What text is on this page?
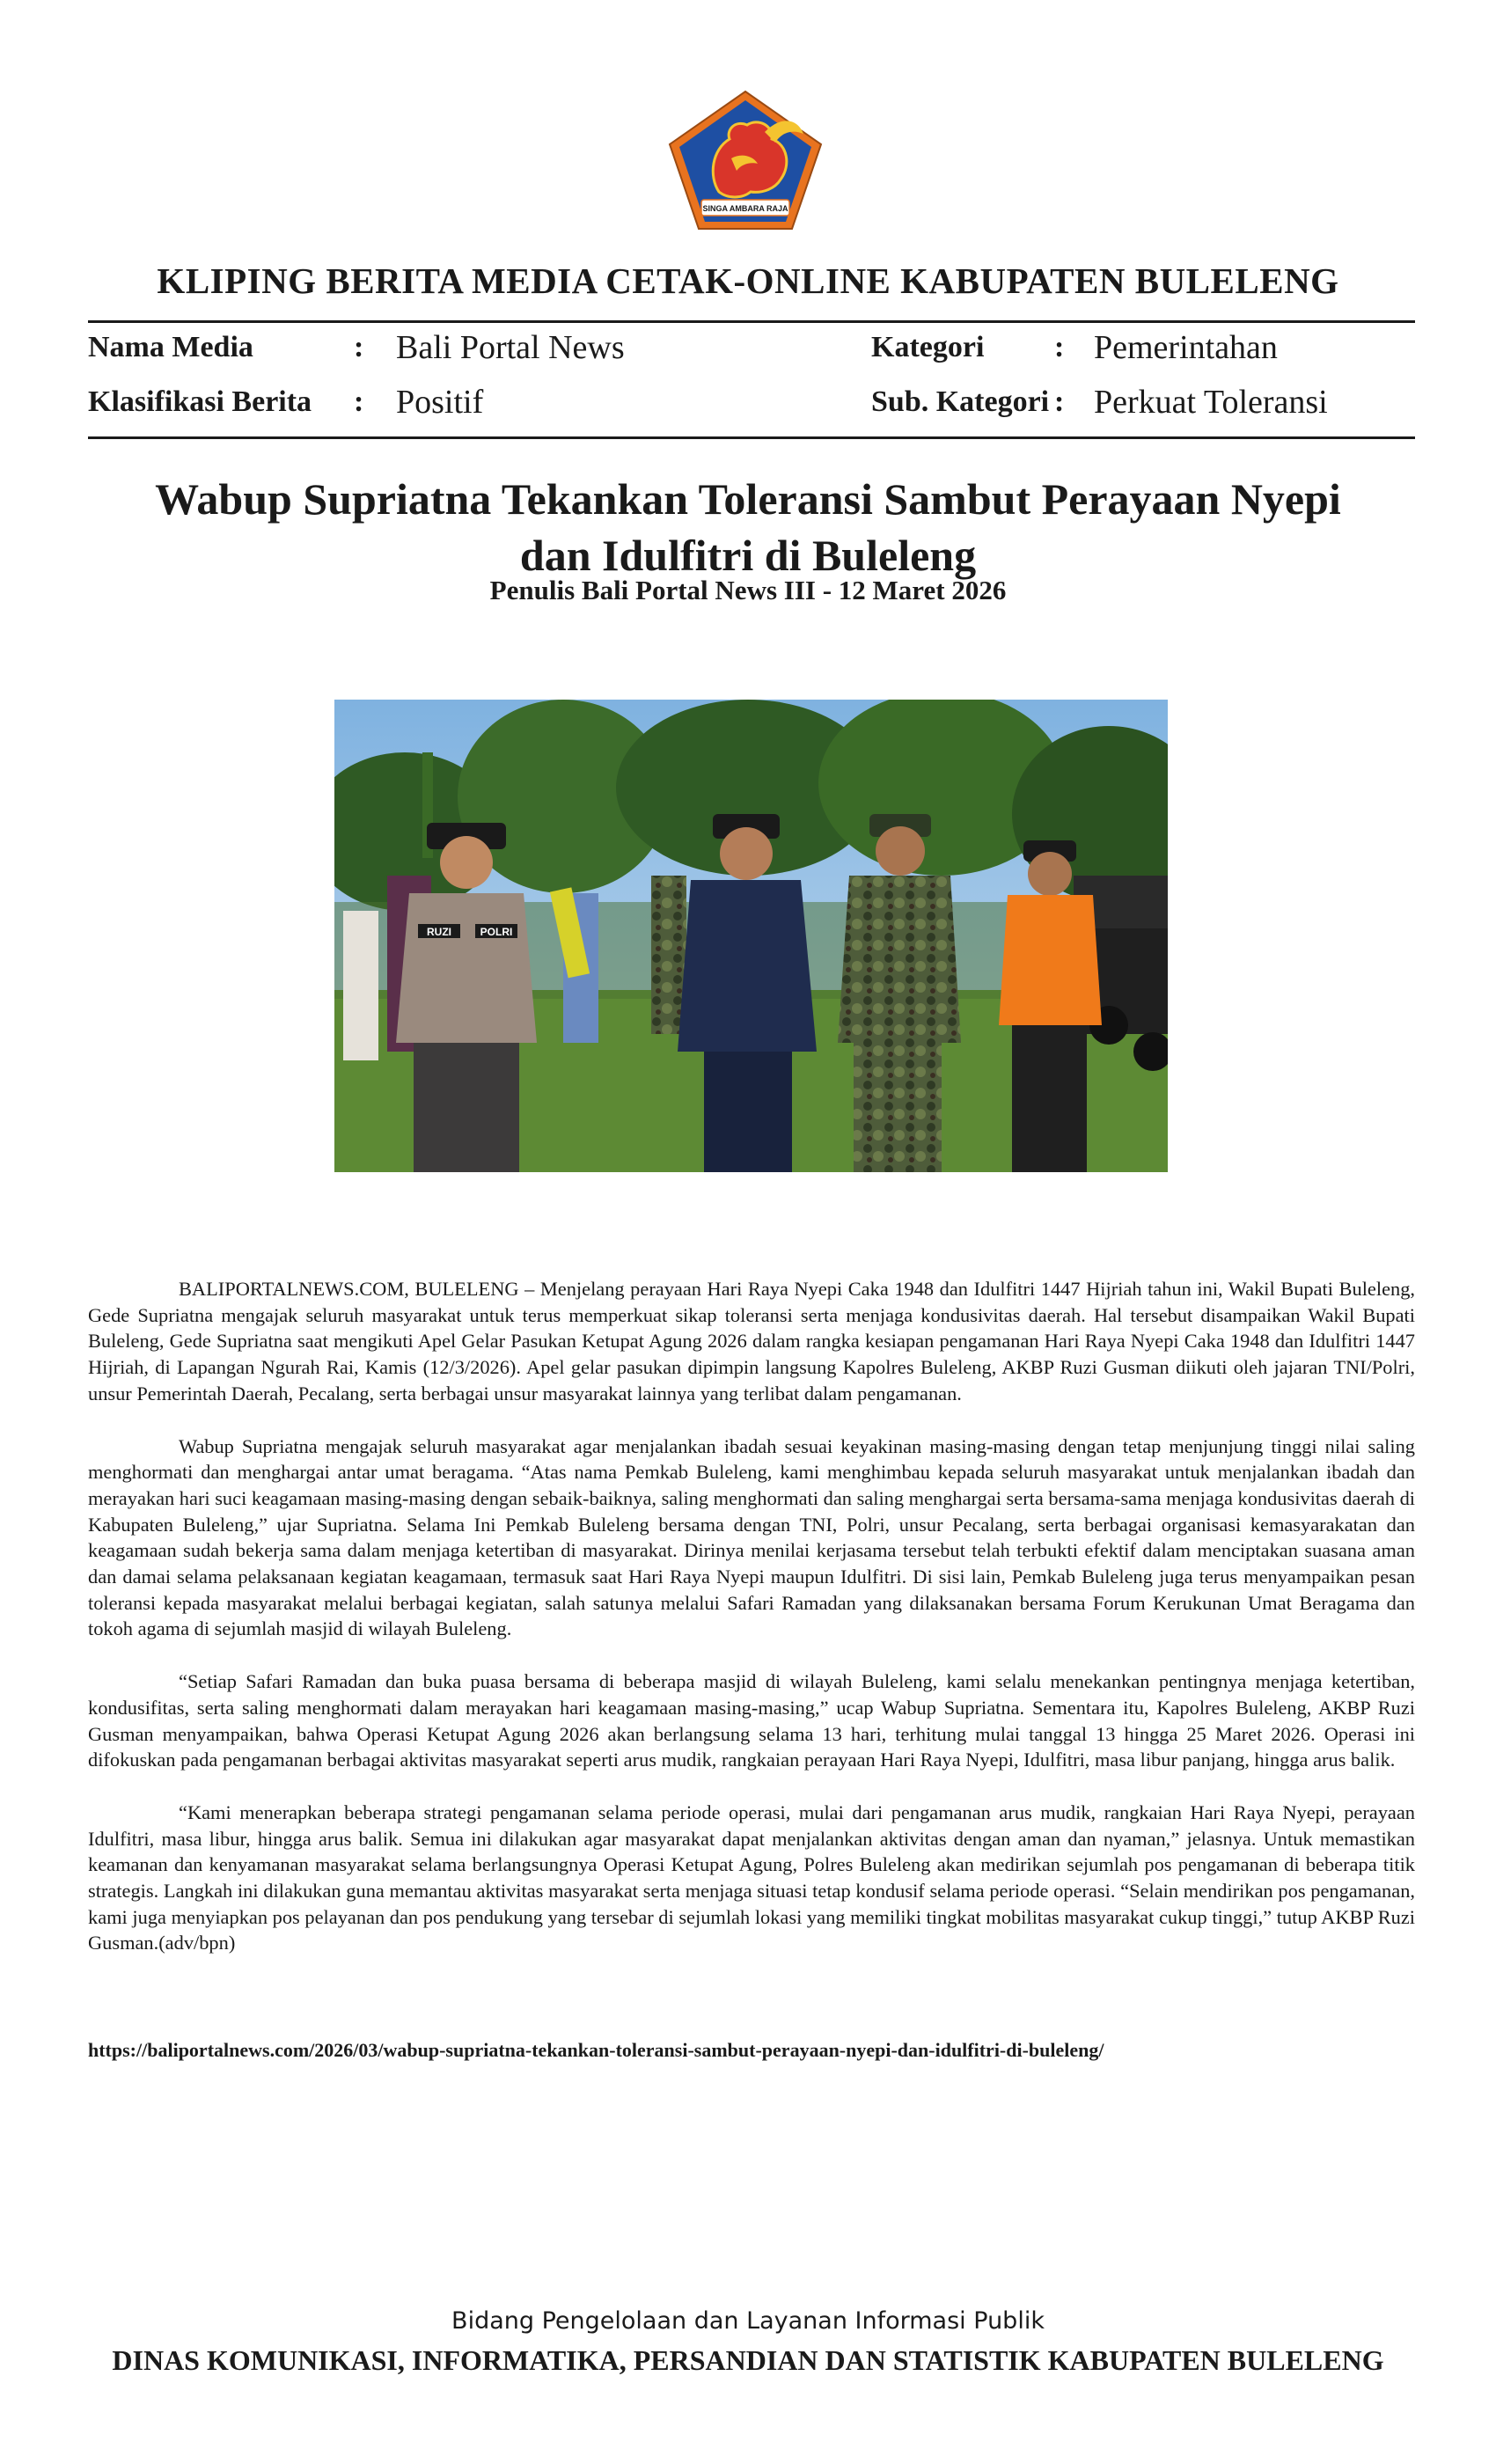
SINGA AMBARA RAJA
KLIPING BERITA MEDIA CETAK-ONLINE KABUPATEN BULELENG
Nama Media	: Bali Portal News	Kategori : Pemerintahan
Klasifikasi Berita : Positif	Sub. Kategori : Perkuat Toleransi
Wabup Supriatna Tekankan Toleransi Sambut Perayaan Nyepi dan Idulfitri di Buleleng
Penulis Bali Portal News III - 12 Maret 2026
RUZI	POLRI

BALIPORTALNEWS.COM, BULELENG – Menjelang perayaan Hari Raya Nyepi Caka 1948 dan Idulfitri 1447 Hijriah tahun ini, Wakil Bupati Buleleng, Gede Supriatna mengajak seluruh masyarakat untuk terus memperkuat sikap toleransi serta menjaga kondusivitas daerah. Hal tersebut disampaikan Wakil Bupati Buleleng, Gede Supriatna saat mengikuti Apel Gelar Pasukan Ketupat Agung 2026 dalam rangka kesiapan pengamanan Hari Raya Nyepi Caka 1948 dan Idulfitri 1447 Hijriah, di Lapangan Ngurah Rai, Kamis (12/3/2026). Apel gelar pasukan dipimpin langsung Kapolres Buleleng, AKBP Ruzi Gusman diikuti oleh jajaran TNI/Polri, unsur Pemerintah Daerah, Pecalang, serta berbagai unsur masyarakat lainnya yang terlibat dalam pengamanan.

Wabup Supriatna mengajak seluruh masyarakat agar menjalankan ibadah sesuai keyakinan masing-masing dengan tetap menjunjung tinggi nilai saling menghormati dan menghargai antar umat beragama. “Atas nama Pemkab Buleleng, kami menghimbau kepada seluruh masyarakat untuk menjalankan ibadah dan merayakan hari suci keagamaan masing-masing dengan sebaik-baiknya, saling menghormati dan saling menghargai serta bersama-sama menjaga kondusivitas daerah di Kabupaten Buleleng,” ujar Supriatna. Selama Ini Pemkab Buleleng bersama dengan TNI, Polri, unsur Pecalang, serta berbagai organisasi kemasyarakatan dan keagamaan sudah bekerja sama dalam menjaga ketertiban di masyarakat. Dirinya menilai kerjasama tersebut telah terbukti efektif dalam menciptakan suasana aman dan damai selama pelaksanaan kegiatan keagamaan, termasuk saat Hari Raya Nyepi maupun Idulfitri. Di sisi lain, Pemkab Buleleng juga terus menyampaikan pesan toleransi kepada masyarakat melalui berbagai kegiatan, salah satunya melalui Safari Ramadan yang dilaksanakan bersama Forum Kerukunan Umat Beragama dan tokoh agama di sejumlah masjid di wilayah Buleleng.

“Setiap Safari Ramadan dan buka puasa bersama di beberapa masjid di wilayah Buleleng, kami selalu menekankan pentingnya menjaga ketertiban, kondusifitas, serta saling menghormati dalam merayakan hari keagamaan masing-masing,” ucap Wabup Supriatna. Sementara itu, Kapolres Buleleng, AKBP Ruzi Gusman menyampaikan, bahwa Operasi Ketupat Agung 2026 akan berlangsung selama 13 hari, terhitung mulai tanggal 13 hingga 25 Maret 2026. Operasi ini difokuskan pada pengamanan berbagai aktivitas masyarakat seperti arus mudik, rangkaian perayaan Hari Raya Nyepi, Idulfitri, masa libur panjang, hingga arus balik.

“Kami menerapkan beberapa strategi pengamanan selama periode operasi, mulai dari pengamanan arus mudik, rangkaian Hari Raya Nyepi, perayaan Idulfitri, masa libur, hingga arus balik. Semua ini dilakukan agar masyarakat dapat menjalankan aktivitas dengan aman dan nyaman,” jelasnya. Untuk memastikan keamanan dan kenyamanan masyarakat selama berlangsungnya Operasi Ketupat Agung, Polres Buleleng akan medirikan sejumlah pos pengamanan di beberapa titik strategis. Langkah ini dilakukan guna memantau aktivitas masyarakat serta menjaga situasi tetap kondusif selama periode operasi. “Selain mendirikan pos pengamanan, kami juga menyiapkan pos pelayanan dan pos pendukung yang tersebar di sejumlah lokasi yang memiliki tingkat mobilitas masyarakat cukup tinggi,” tutup AKBP Ruzi Gusman.(adv/bpn)

https://baliportalnews.com/2026/03/wabup-supriatna-tekankan-toleransi-sambut-perayaan-nyepi-dan-idulfitri-di-buleleng/
Bidang Pengelolaan dan Layanan Informasi Publik
DINAS KOMUNIKASI, INFORMATIKA, PERSANDIAN DAN STATISTIK KABUPATEN BULELENG
